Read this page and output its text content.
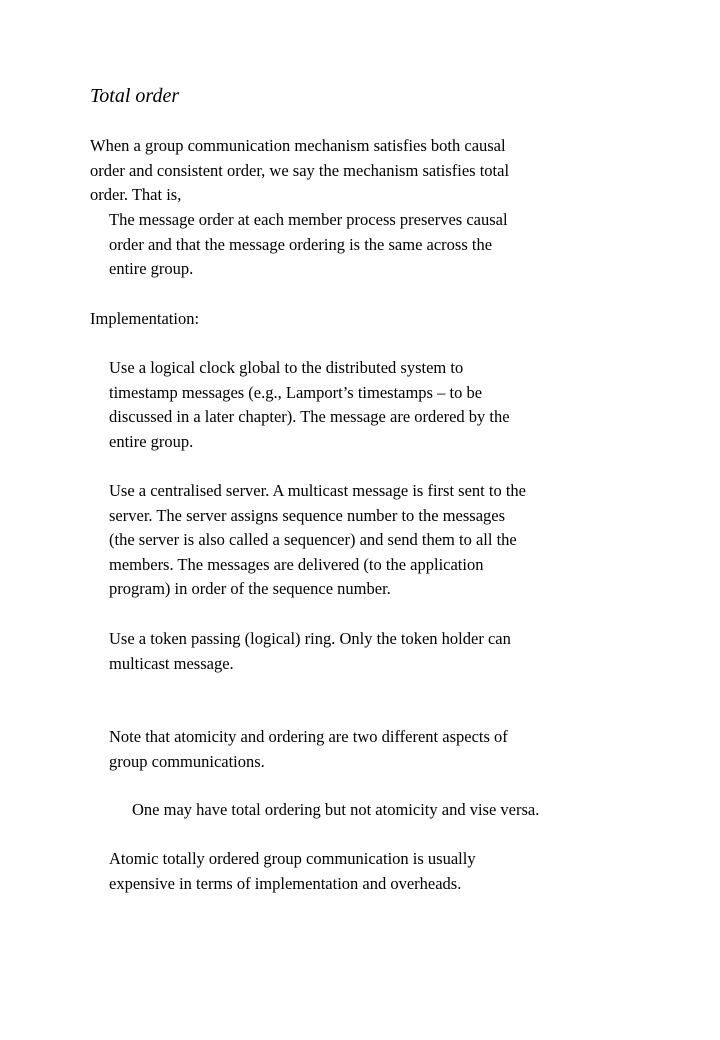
Total order

When a group communication mechanism satisfies both causal
order and consistent order, we say the mechanism satisfies total
order. That is,

The message order at each member process preserves causal
order and that the message ordering is the same across the
entire group.

Implementation:

Use a logical clock global to the distributed system to
timestamp messages (e.g., Lamport’s timestamps – to be
discussed in a later chapter). The message are ordered by the
entire group.

Use a centralised server. A multicast message is first sent to the
server. The server assigns sequence number to the messages
(the server is also called a sequencer) and send them to all the
members. The messages are delivered (to the application
program) in order of the sequence number.

Use a token passing (logical) ring. Only the token holder can
multicast message.

Note that atomicity and ordering are two different aspects of
group communications.

One may have total ordering but not atomicity and vise versa.

Atomic totally ordered group communication is usually
expensive in terms of implementation and overheads.
